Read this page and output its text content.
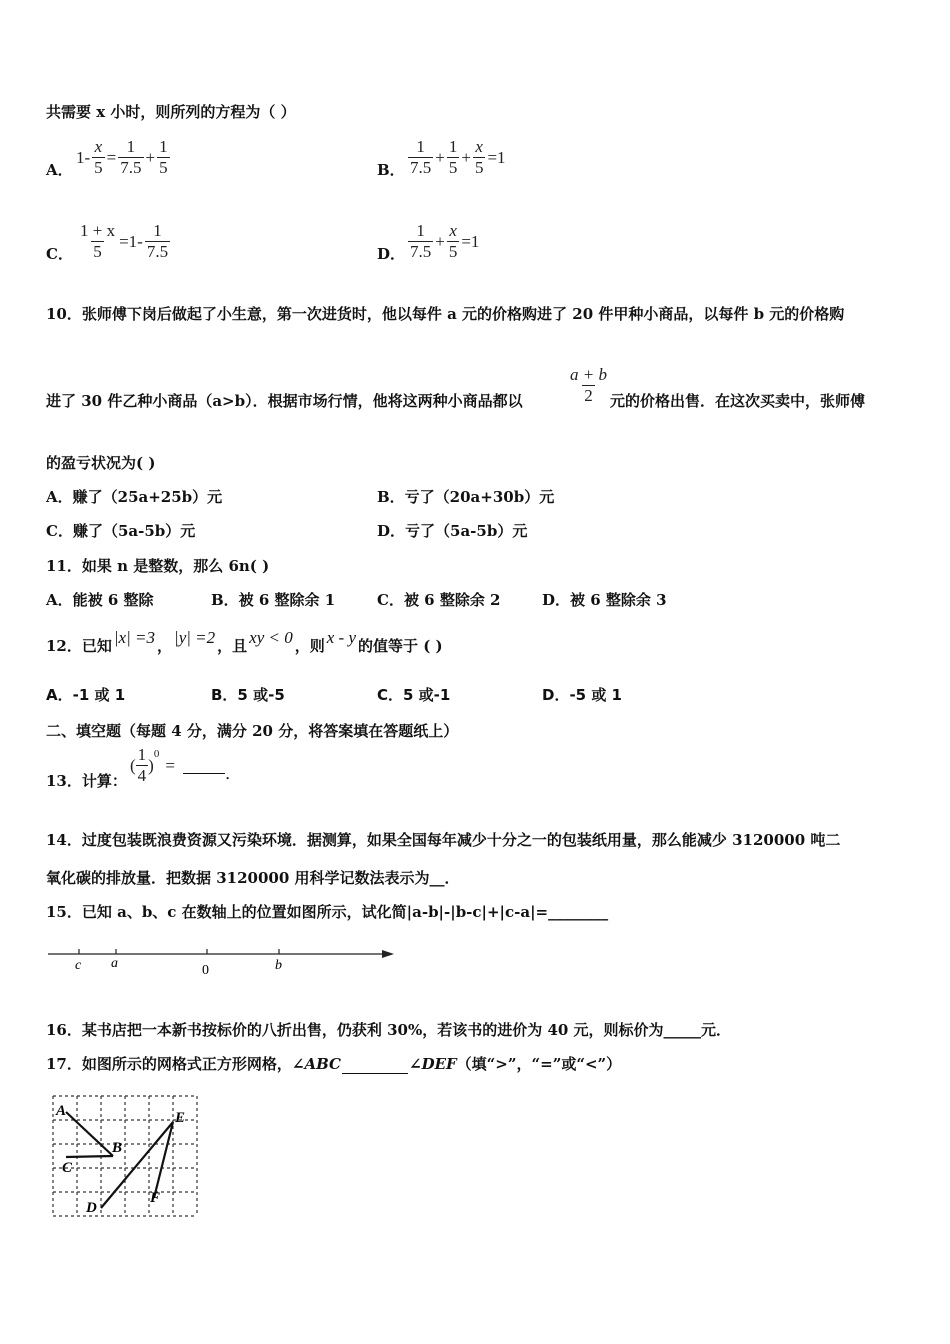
共需要 x 小时，则所列的方程为（ ）
A．
$1- \frac{x}{5} = \frac{1}{7.5} + \frac{1}{5}$	B． $\frac{1}{7.5} + \frac{1}{5} + \frac{x}{5} =1$
C． $\frac{1 + x}{5} =1- \frac{1}{7.5}$	D． $\frac{1}{7.5} + \frac{x}{5} =1$
10．张师傅下岗后做起了小生意，第一次进货时，他以每件 a 元的价格购进了 20 件甲种小商品，以每件 b 元的价格购
进了 30 件乙种小商品（a>b）．根据市场行情，他将这两种小商品都以	$\frac{a + b}{2}$ 元的价格出售．在这次买卖中，张师傅
的盈亏状况为( )
A．赚了（25a+25b）元	B．亏了（20a+30b）元
C．赚了（5a-5b）元	D．亏了（5a-5b）元
11．如果 n 是整数，那么 6n( )
A．能被 6 整除	B．被 6 整除余 1	C．被 6 整除余 2	D．被 6 整除余 3
12．已知 |x| =3 ， |y| =2 ，且 xy < 0 ，则 x - y 的值等于 ( )
A．-1 或 1	B．5 或-5	C．5 或-1	D．-5 或 1
二、填空题（每题 4 分，满分 20 分，将答案填在答题纸上）
13．计算：
( $\frac{1}{4}$ )
0
=	．
14．过度包装既浪费资源又污染环境．据测算，如果全国每年减少十分之一的包装纸用量，那么能减少 3120000 吨二
氧化碳的排放量．把数据 3120000 用科学记数法表示为__．
15．已知 a、b、c 在数轴上的位置如图所示，试化简|a-b|-|b-c|+|c-a|=________
c a	0	b
16．某书店把一本新书按标价的八折出售，仍获利 30%，若该书的进价为 40 元，则标价为_____元．
17．如图所示的网格式正方形网格， ∠ABC	∠DEF （填“>”，“=”或“<”）
A
B
C
D
E
F
